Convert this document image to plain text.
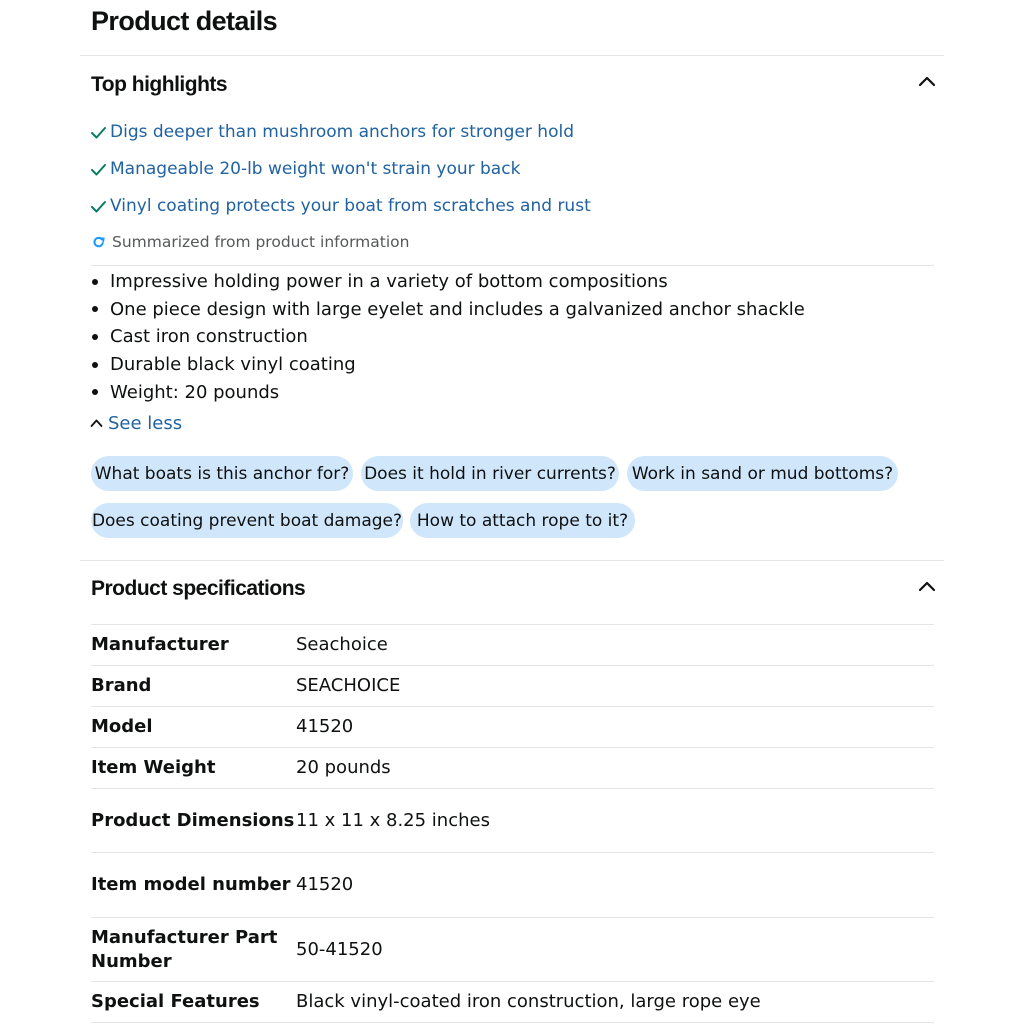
Product details
Top highlights
Digs deeper than mushroom anchors for stronger hold
Manageable 20-lb weight won't strain your back
Vinyl coating protects your boat from scratches and rust
Summarized from product information
Impressive holding power in a variety of bottom compositions
One piece design with large eyelet and includes a galvanized anchor shackle
Cast iron construction
Durable black vinyl coating
Weight: 20 pounds
See less
What boats is this anchor for? Does it hold in river currents? Work in sand or mud bottoms?
Does coating prevent boat damage? How to attach rope to it?
Product specifications
Manufacturer	Seachoice
Brand	SEACHOICE
Model	41520
Item Weight	20 pounds
Product Dimensions	11 x 11 x 8.25 inches
Item model number	41520
Manufacturer Part Number	50-41520
Special Features	Black vinyl-coated iron construction, large rope eye
